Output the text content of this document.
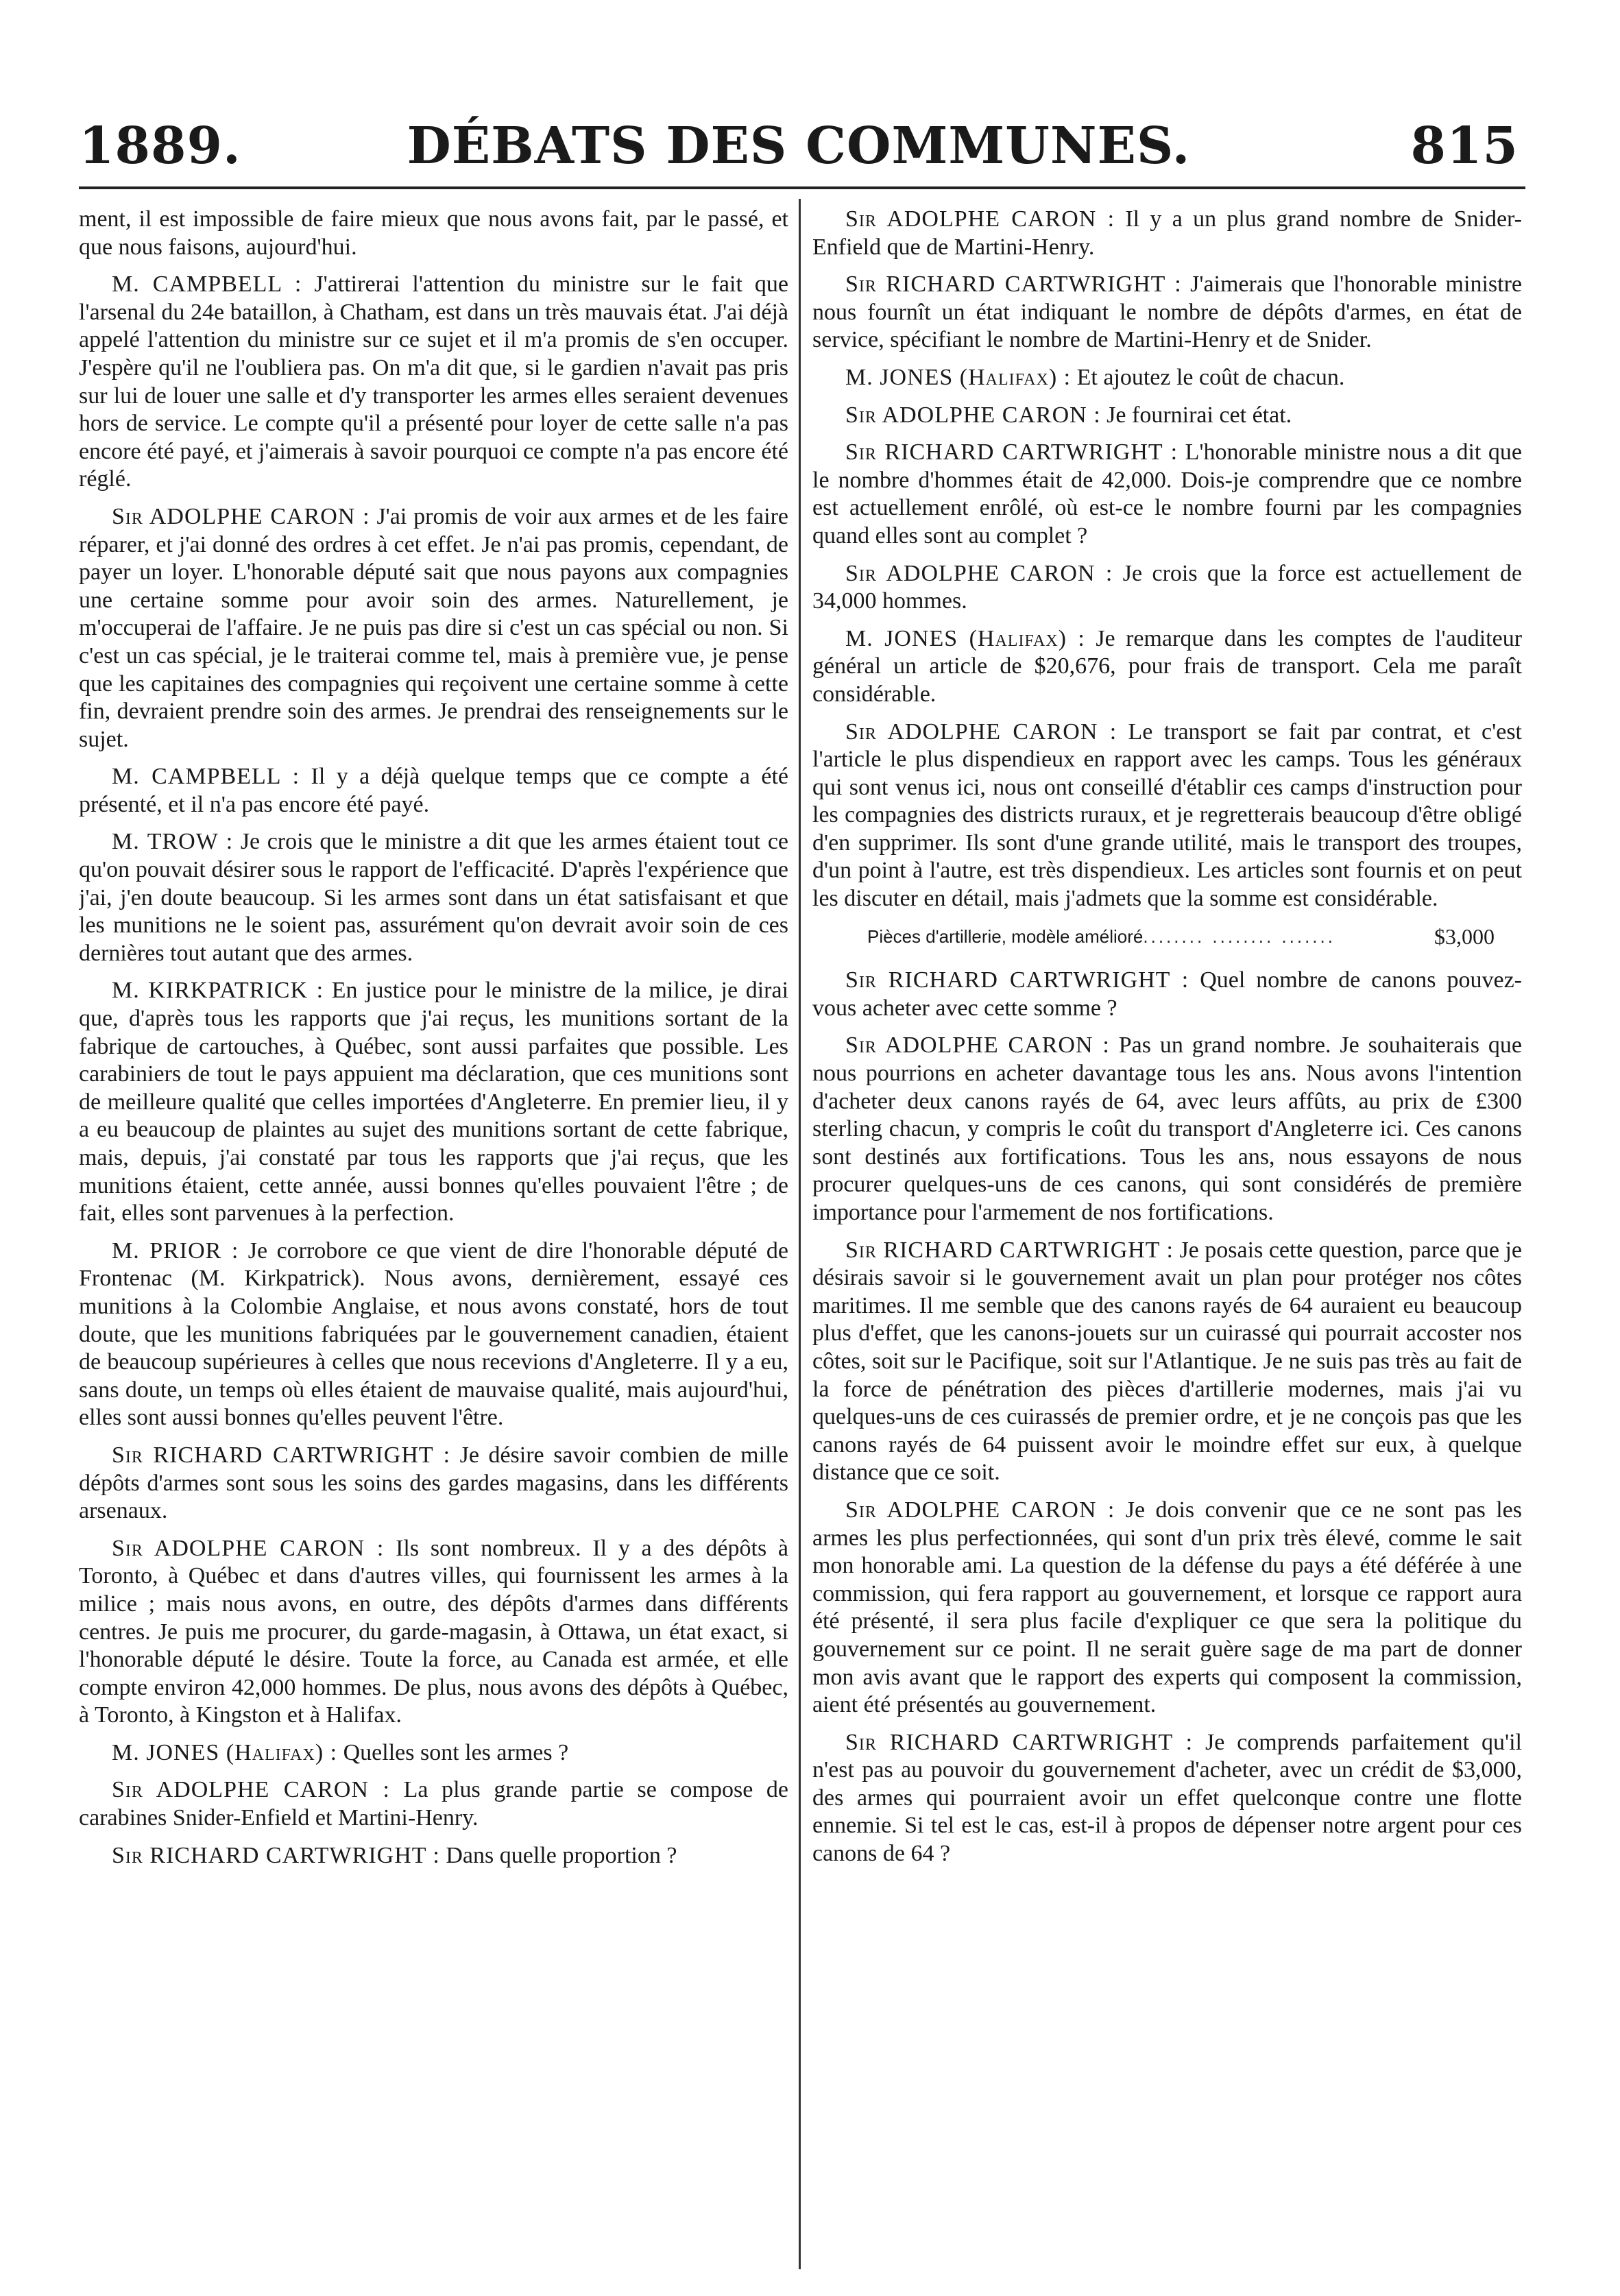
1889.	DÉBATS DES COMMUNES.	815

ment, il est impossible de faire mieux que nous avons fait, par le passé, et que nous faisons, aujourd'hui.

M. CAMPBELL : J'attirerai l'attention du ministre sur le fait que l'arsenal du 24e bataillon, à Chatham, est dans un très mauvais état. J'ai déjà appelé l'attention du ministre sur ce sujet et il m'a promis de s'en occuper. J'espère qu'il ne l'oubliera pas. On m'a dit que, si le gardien n'avait pas pris sur lui de louer une salle et d'y transporter les armes elles seraient devenues hors de service. Le compte qu'il a présenté pour loyer de cette salle n'a pas encore été payé, et j'aimerais à savoir pourquoi ce compte n'a pas encore été réglé.

Sir ADOLPHE CARON : J'ai promis de voir aux armes et de les faire réparer, et j'ai donné des ordres à cet effet. Je n'ai pas promis, cependant, de payer un loyer. L'honorable député sait que nous payons aux compagnies une certaine somme pour avoir soin des armes. Naturellement, je m'occuperai de l'affaire. Je ne puis pas dire si c'est un cas spécial ou non. Si c'est un cas spécial, je le traiterai comme tel, mais à première vue, je pense que les capitaines des compagnies qui reçoivent une certaine somme à cette fin, devraient prendre soin des armes. Je prendrai des renseignements sur le sujet.

M. CAMPBELL : Il y a déjà quelque temps que ce compte a été présenté, et il n'a pas encore été payé.

M. TROW : Je crois que le ministre a dit que les armes étaient tout ce qu'on pouvait désirer sous le rapport de l'efficacité. D'après l'expérience que j'ai, j'en doute beaucoup. Si les armes sont dans un état satisfaisant et que les munitions ne le soient pas, assurément qu'on devrait avoir soin de ces dernières tout autant que des armes.

M. KIRKPATRICK : En justice pour le ministre de la milice, je dirai que, d'après tous les rapports que j'ai reçus, les munitions sortant de la fabrique de cartouches, à Québec, sont aussi parfaites que possible. Les carabiniers de tout le pays appuient ma déclaration, que ces munitions sont de meilleure qualité que celles importées d'Angleterre. En premier lieu, il y a eu beaucoup de plaintes au sujet des munitions sortant de cette fabrique, mais, depuis, j'ai constaté par tous les rapports que j'ai reçus, que les munitions étaient, cette année, aussi bonnes qu'elles pouvaient l'être ; de fait, elles sont parvenues à la perfection.

M. PRIOR : Je corrobore ce que vient de dire l'honorable député de Frontenac (M. Kirkpatrick). Nous avons, dernièrement, essayé ces munitions à la Colombie Anglaise, et nous avons constaté, hors de tout doute, que les munitions fabriquées par le gouvernement canadien, étaient de beaucoup supérieures à celles que nous recevions d'Angleterre. Il y a eu, sans doute, un temps où elles étaient de mauvaise qualité, mais aujourd'hui, elles sont aussi bonnes qu'elles peuvent l'être.

Sir RICHARD CARTWRIGHT : Je désire savoir combien de mille dépôts d'armes sont sous les soins des gardes magasins, dans les différents arsenaux.

Sir ADOLPHE CARON : Ils sont nombreux. Il y a des dépôts à Toronto, à Québec et dans d'autres villes, qui fournissent les armes à la milice ; mais nous avons, en outre, des dépôts d'armes dans différents centres. Je puis me procurer, du garde-magasin, à Ottawa, un état exact, si l'honorable député le désire. Toute la force, au Canada est armée, et elle compte environ 42,000 hommes. De plus, nous avons des dépôts à Québec, à Toronto, à Kingston et à Halifax.

M. JONES (Halifax) : Quelles sont les armes ?

Sir ADOLPHE CARON : La plus grande partie se compose de carabines Snider-Enfield et Martini-Henry.

Sir RICHARD CARTWRIGHT : Dans quelle proportion ?

Sir ADOLPHE CARON : Il y a un plus grand nombre de Snider-Enfield que de Martini-Henry.

Sir RICHARD CARTWRIGHT : J'aimerais que l'honorable ministre nous fournît un état indiquant le nombre de dépôts d'armes, en état de service, spécifiant le nombre de Martini-Henry et de Snider.

M. JONES (Halifax) : Et ajoutez le coût de chacun.

Sir ADOLPHE CARON : Je fournirai cet état.

Sir RICHARD CARTWRIGHT : L'honorable ministre nous a dit que le nombre d'hommes était de 42,000. Dois-je comprendre que ce nombre est actuellement enrôlé, où est-ce le nombre fourni par les compagnies quand elles sont au complet ?

Sir ADOLPHE CARON : Je crois que la force est actuellement de 34,000 hommes.

M. JONES (Halifax) : Je remarque dans les comptes de l'auditeur général un article de $20,676, pour frais de transport. Cela me paraît considérable.

Sir ADOLPHE CARON : Le transport se fait par contrat, et c'est l'article le plus dispendieux en rapport avec les camps. Tous les généraux qui sont venus ici, nous ont conseillé d'établir ces camps d'instruction pour les compagnies des districts ruraux, et je regretterais beaucoup d'être obligé d'en supprimer. Ils sont d'une grande utilité, mais le transport des troupes, d'un point à l'autre, est très dispendieux. Les articles sont fournis et on peut les discuter en détail, mais j'admets que la somme est considérable.

Pièces d'artillerie, modèle amélioré........ ........ .......	$3,000

Sir RICHARD CARTWRIGHT : Quel nombre de canons pouvez-vous acheter avec cette somme ?

Sir ADOLPHE CARON : Pas un grand nombre. Je souhaiterais que nous pourrions en acheter davantage tous les ans. Nous avons l'intention d'acheter deux canons rayés de 64, avec leurs affûts, au prix de £300 sterling chacun, y compris le coût du transport d'Angleterre ici. Ces canons sont destinés aux fortifications. Tous les ans, nous essayons de nous procurer quelques-uns de ces canons, qui sont considérés de première importance pour l'armement de nos fortifications.

Sir RICHARD CARTWRIGHT : Je posais cette question, parce que je désirais savoir si le gouvernement avait un plan pour protéger nos côtes maritimes. Il me semble que des canons rayés de 64 auraient eu beaucoup plus d'effet, que les canons-jouets sur un cuirassé qui pourrait accoster nos côtes, soit sur le Pacifique, soit sur l'Atlantique. Je ne suis pas très au fait de la force de pénétration des pièces d'artillerie modernes, mais j'ai vu quelques-uns de ces cuirassés de premier ordre, et je ne conçois pas que les canons rayés de 64 puissent avoir le moindre effet sur eux, à quelque distance que ce soit.

Sir ADOLPHE CARON : Je dois convenir que ce ne sont pas les armes les plus perfectionnées, qui sont d'un prix très élevé, comme le sait mon honorable ami. La question de la défense du pays a été déférée à une commission, qui fera rapport au gouvernement, et lorsque ce rapport aura été présenté, il sera plus facile d'expliquer ce que sera la politique du gouvernement sur ce point. Il ne serait guère sage de ma part de donner mon avis avant que le rapport des experts qui composent la commission, aient été présentés au gouvernement.

Sir RICHARD CARTWRIGHT : Je comprends parfaitement qu'il n'est pas au pouvoir du gouvernement d'acheter, avec un crédit de $3,000, des armes qui pourraient avoir un effet quelconque contre une flotte ennemie. Si tel est le cas, est-il à propos de dépenser notre argent pour ces canons de 64 ?
